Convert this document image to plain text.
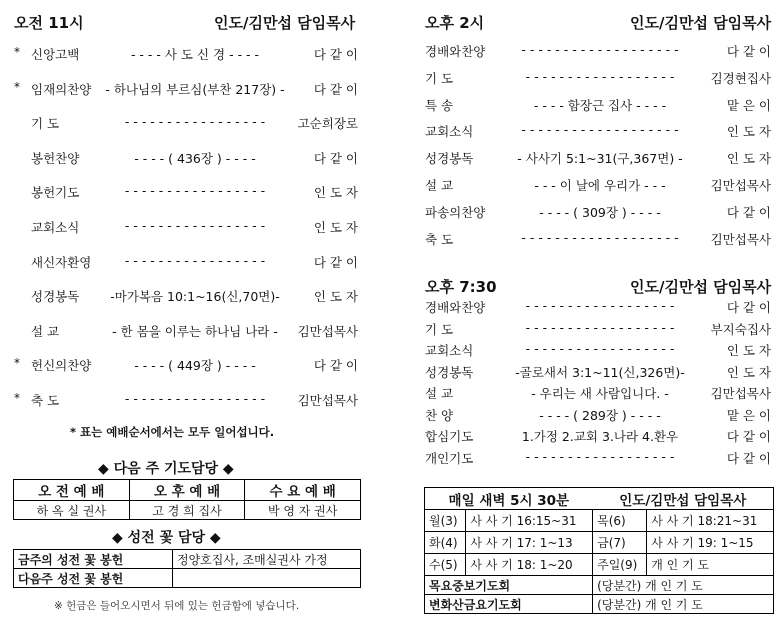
오전 11시	인도/김만섭 담임목사
* 신앙고백	- - - - 사 도 신 경 - - - -	다 같 이
* 임재의찬양	- 하나님의 부르심(부찬 217장) -	다 같 이
기 도	- - - - - - - - - - - - - - - - -	고순희장로
봉헌찬양	- - - - ( 436장 ) - - - -	다 같 이
봉헌기도	- - - - - - - - - - - - - - - - -	인 도 자
교회소식	- - - - - - - - - - - - - - - - -	인 도 자
새신자환영	- - - - - - - - - - - - - - - - -	다 같 이
성경봉독	-마가복음 10:1~16(신,70면)-	인 도 자
설 교	- 한 몸을 이루는 하나님 나라 -	김만섭목사
* 헌신의찬양	- - - - ( 449장 ) - - - -	다 같 이
* 축 도	- - - - - - - - - - - - - - - - -	김만섭목사
* 표는 예배순서에서는 모두 일어섭니다.
◆ 다음 주 기도담당 ◆
오 전 예 배	오 후 예 배	수 요 예 배
하 옥 실 권사	고 경 희 집사	박 영 자 권사
◆ 성전 꽃 담당 ◆
금주의 성전 꽃 봉헌	정양호집사, 조매실권사 가정
다음주 성전 꽃 봉헌	
※ 헌금은 들어오시면서 뒤에 있는 헌금함에 넣습니다.
오후 2시	인도/김만섭 담임목사
경배와찬양	- - - - - - - - - - - - - - - - - - -	다 같 이
기 도	- - - - - - - - - - - - - - - - - -	김경현집사
특 송	- - - - 함장근 집사 - - - -	맡 은 이
교회소식	- - - - - - - - - - - - - - - - - - -	인 도 자
성경봉독	- 사사기 5:1~31(구,367면) -	인 도 자
설 교	- - - 이 날에 우리가 - - -	김만섭목사
파송의찬양	- - - - ( 309장 ) - - - -	다 같 이
축 도	- - - - - - - - - - - - - - - - - - -	김만섭목사
오후 7:30	인도/김만섭 담임목사
경배와찬양	- - - - - - - - - - - - - - - - - -	다 같 이
기 도	- - - - - - - - - - - - - - - - - -	부지숙집사
교회소식	- - - - - - - - - - - - - - - - - -	인 도 자
성경봉독	-골로새서 3:1~11(신,326면)-	인 도 자
설 교	- 우리는 새 사람입니다. -	김만섭목사
찬 양	- - - - ( 289장 ) - - - -	맡 은 이
합심기도	1.가정 2.교회 3.나라 4.환우	다 같 이
개인기도	- - - - - - - - - - - - - - - - - -	다 같 이
매일 새벽 5시 30분		인도/김만섭 담임목사	
월(3)	사 사 기 16:15~31	목(6)	사 사 기 18:21~31
화(4)	사 사 기 17: 1~13	금(7)	사 사 기 19: 1~15
수(5)	사 사 기 18: 1~20	주일(9)	개 인 기 도
목요중보기도회		(당분간) 개 인 기 도	
변화산금요기도회		(당분간) 개 인 기 도	
